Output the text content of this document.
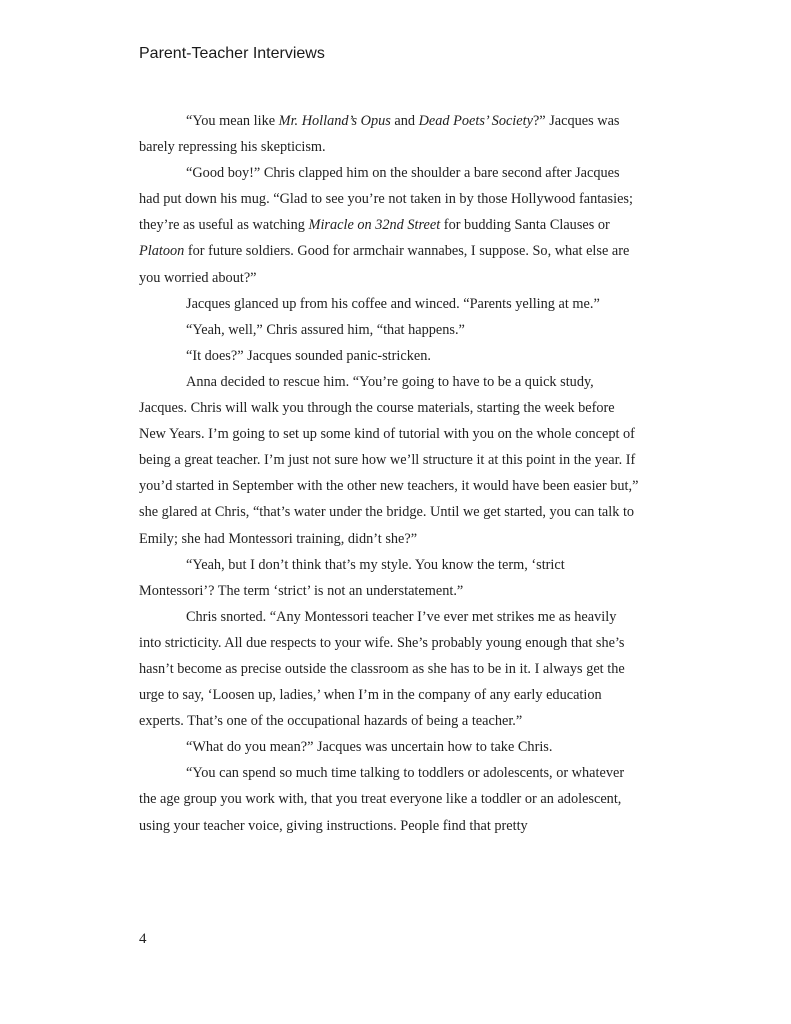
Parent-Teacher Interviews

“You mean like Mr. Holland’s Opus and Dead Poets’ Society?” Jacques was barely repressing his skepticism.

“Good boy!” Chris clapped him on the shoulder a bare second after Jacques had put down his mug. “Glad to see you’re not taken in by those Hollywood fantasies; they’re as useful as watching Miracle on 32nd Street for budding Santa Clauses or Platoon for future soldiers. Good for armchair wannabes, I suppose. So, what else are you worried about?”

Jacques glanced up from his coffee and winced. “Parents yelling at me.”

“Yeah, well,” Chris assured him, “that happens.”

“It does?” Jacques sounded panic-stricken.

Anna decided to rescue him. “You’re going to have to be a quick study, Jacques. Chris will walk you through the course materials, starting the week before New Years. I’m going to set up some kind of tutorial with you on the whole concept of being a great teacher. I’m just not sure how we’ll structure it at this point in the year. If you’d started in September with the other new teachers, it would have been easier but,” she glared at Chris, “that’s water under the bridge. Until we get started, you can talk to Emily; she had Montessori training, didn’t she?”

“Yeah, but I don’t think that’s my style. You know the term, ‘strict Montessori’? The term ‘strict’ is not an understatement.”

Chris snorted. “Any Montessori teacher I’ve ever met strikes me as heavily into stricticity. All due respects to your wife. She’s probably young enough that she’s hasn’t become as precise outside the classroom as she has to be in it. I always get the urge to say, ‘Loosen up, ladies,’ when I’m in the company of any early education experts. That’s one of the occupational hazards of being a teacher.”

“What do you mean?” Jacques was uncertain how to take Chris.

“You can spend so much time talking to toddlers or adolescents, or whatever the age group you work with, that you treat everyone like a toddler or an adolescent, using your teacher voice, giving instructions. People find that pretty

4
